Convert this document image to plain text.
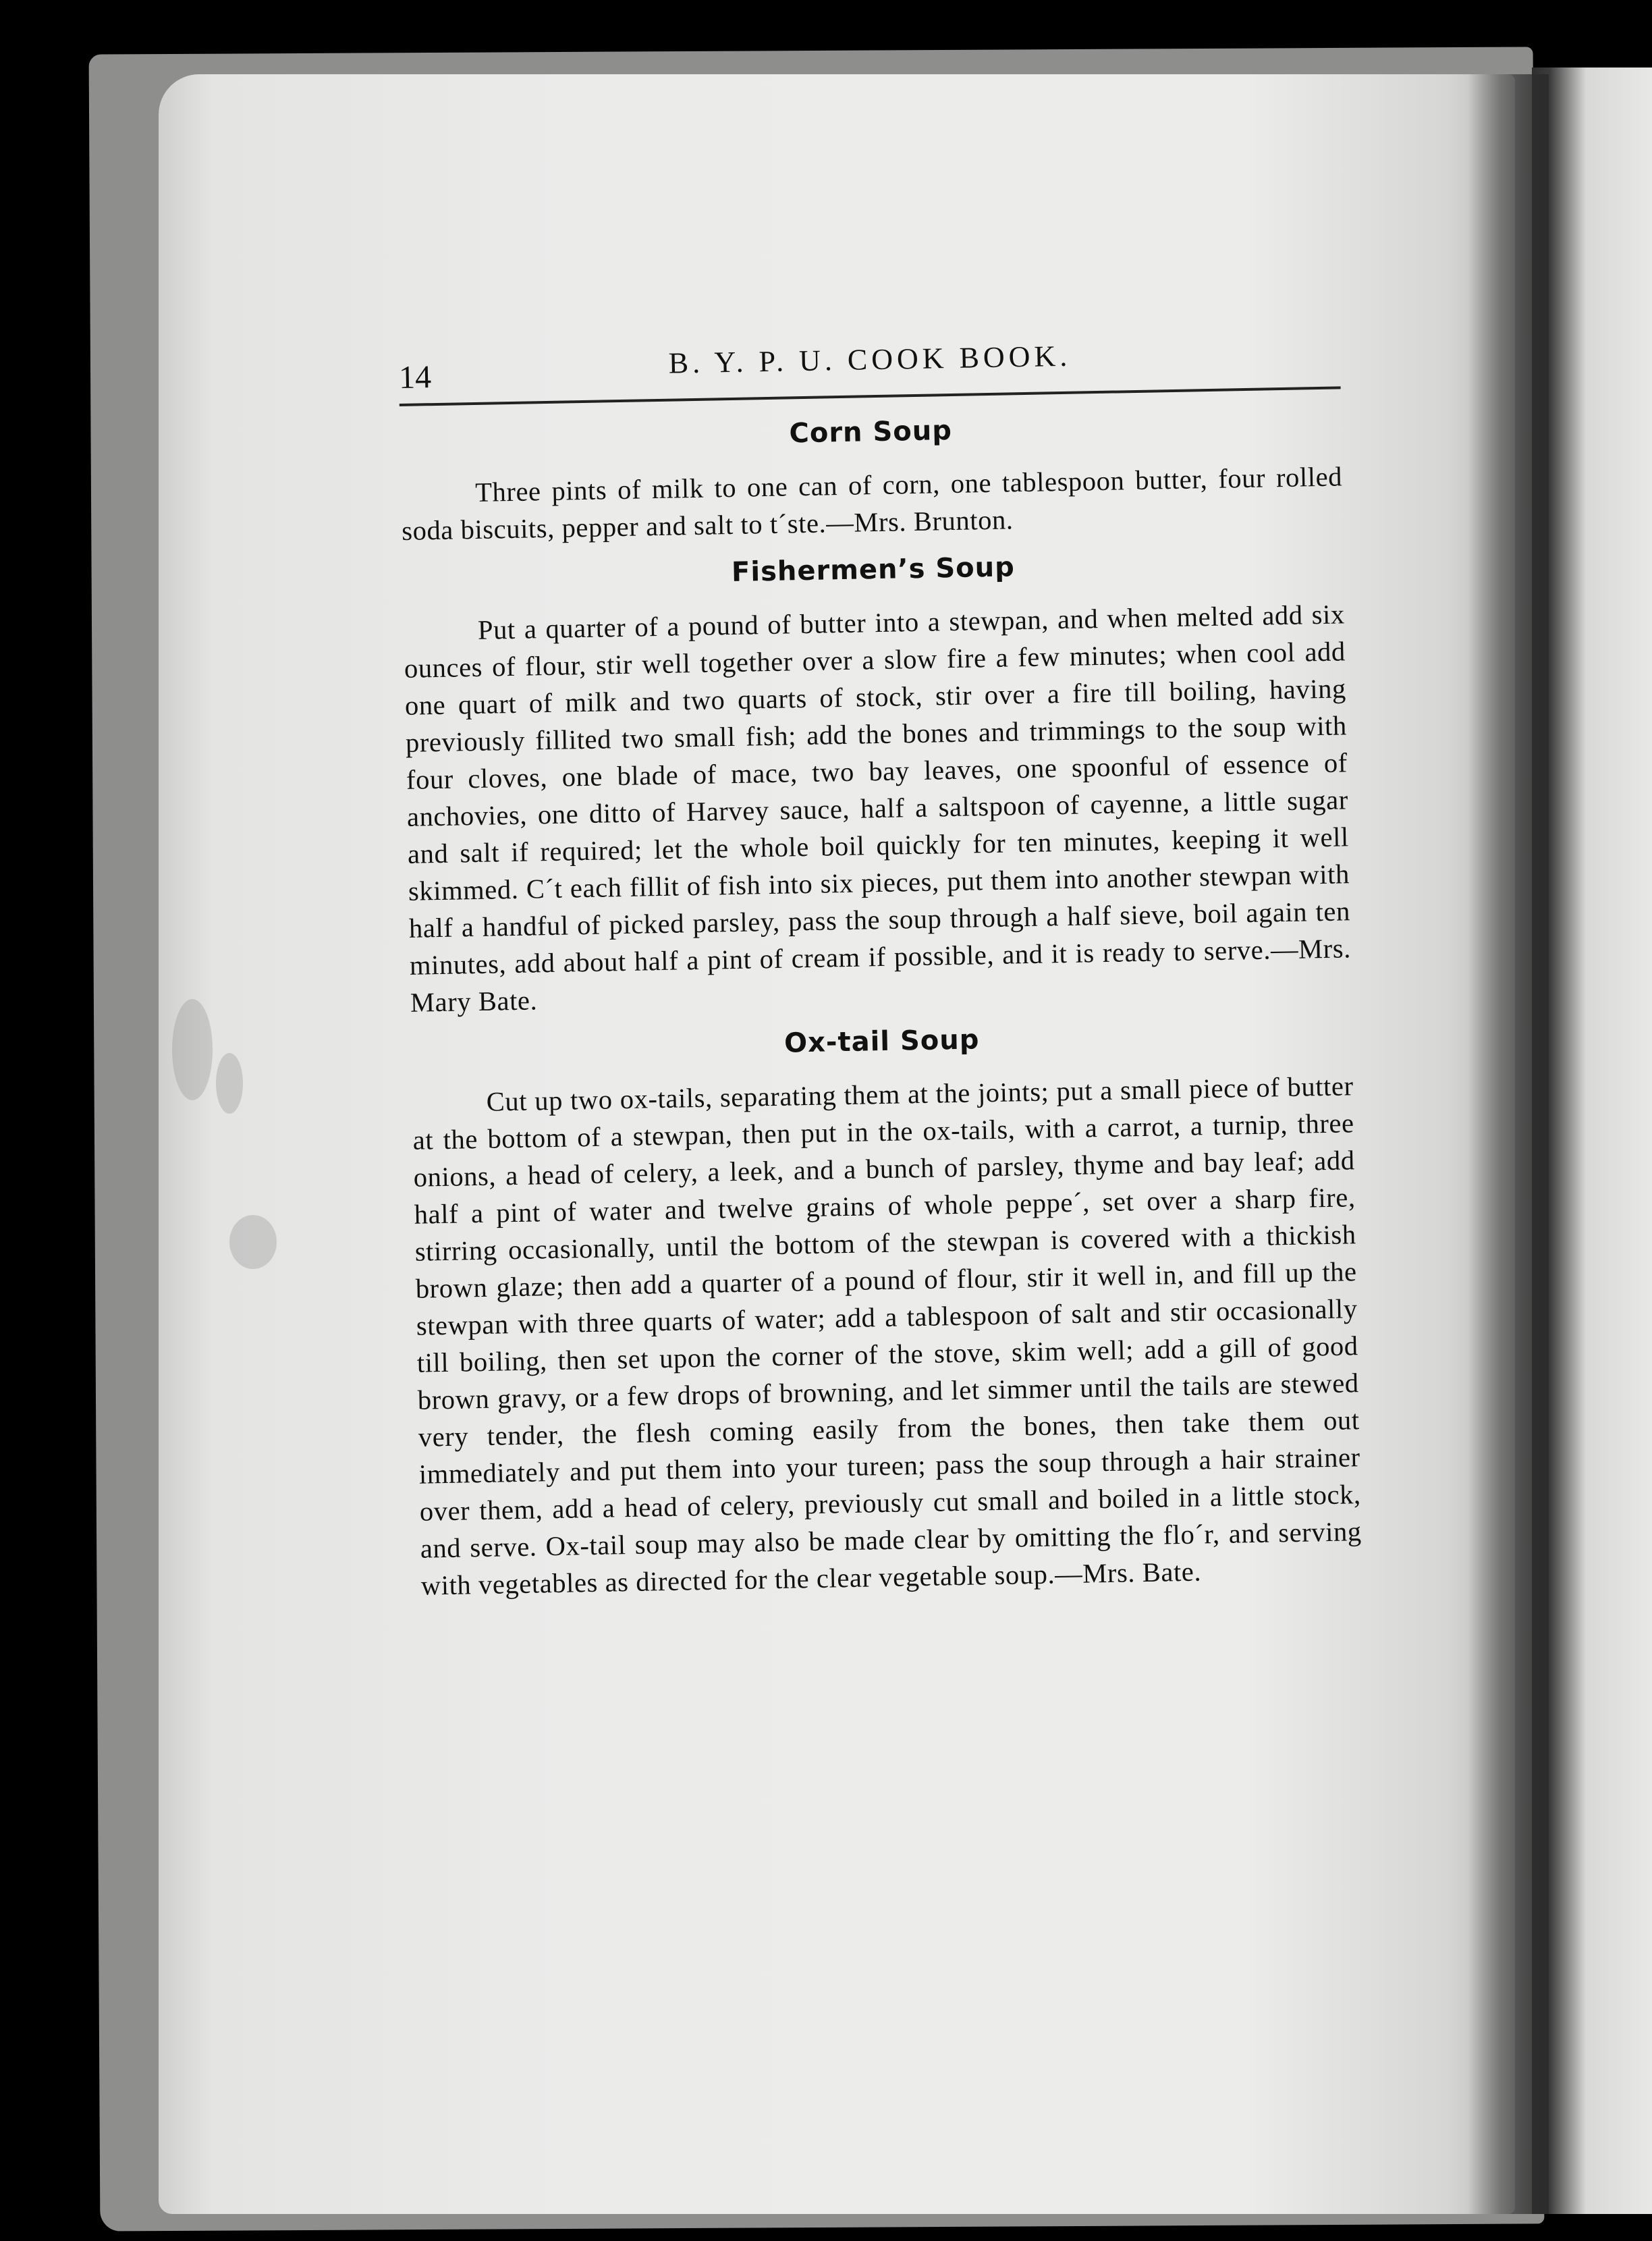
14	B. Y. P. U. COOK BOOK.
Corn Soup

Three pints of milk to one can of corn, one tablespoon butter, four rolled soda biscuits, pepper and salt to t´ste.—Mrs. Brunton.

Fishermen’s Soup

Put a quarter of a pound of butter into a stewpan, and when melted add six ounces of flour, stir well together over a slow fire a few minutes; when cool add one quart of milk and two quarts of stock, stir over a fire till boiling, having previously fillited two small fish; add the bones and trimmings to the soup with four cloves, one blade of mace, two bay leaves, one spoonful of essence of anchovies, one ditto of Harvey sauce, half a saltspoon of cayenne, a little sugar and salt if required; let the whole boil quickly for ten minutes, keeping it well skimmed. C´t each fillit of fish into six pieces, put them into another stewpan with half a handful of picked parsley, pass the soup through a half sieve, boil again ten minutes, add about half a pint of cream if possible, and it is ready to serve.—Mrs. Mary Bate.

Ox-tail Soup

Cut up two ox-tails, separating them at the joints; put a small piece of butter at the bottom of a stewpan, then put in the ox-tails, with a carrot, a turnip, three onions, a head of celery, a leek, and a bunch of parsley, thyme and bay leaf; add half a pint of water and twelve grains of whole peppe´, set over a sharp fire, stirring occasionally, until the bottom of the stewpan is covered with a thickish brown glaze; then add a quarter of a pound of flour, stir it well in, and fill up the stewpan with three quarts of water; add a tablespoon of salt and stir occasionally till boiling, then set upon the corner of the stove, skim well; add a gill of good brown gravy, or a few drops of browning, and let simmer until the tails are stewed very tender, the flesh coming easily from the bones, then take them out immediately and put them into your tureen; pass the soup through a hair strainer over them, add a head of celery, previously cut small and boiled in a little stock, and serve. Ox-tail soup may also be made clear by omitting the flo´r, and serving with vegetables as directed for the clear vegetable soup.—Mrs. Bate.
